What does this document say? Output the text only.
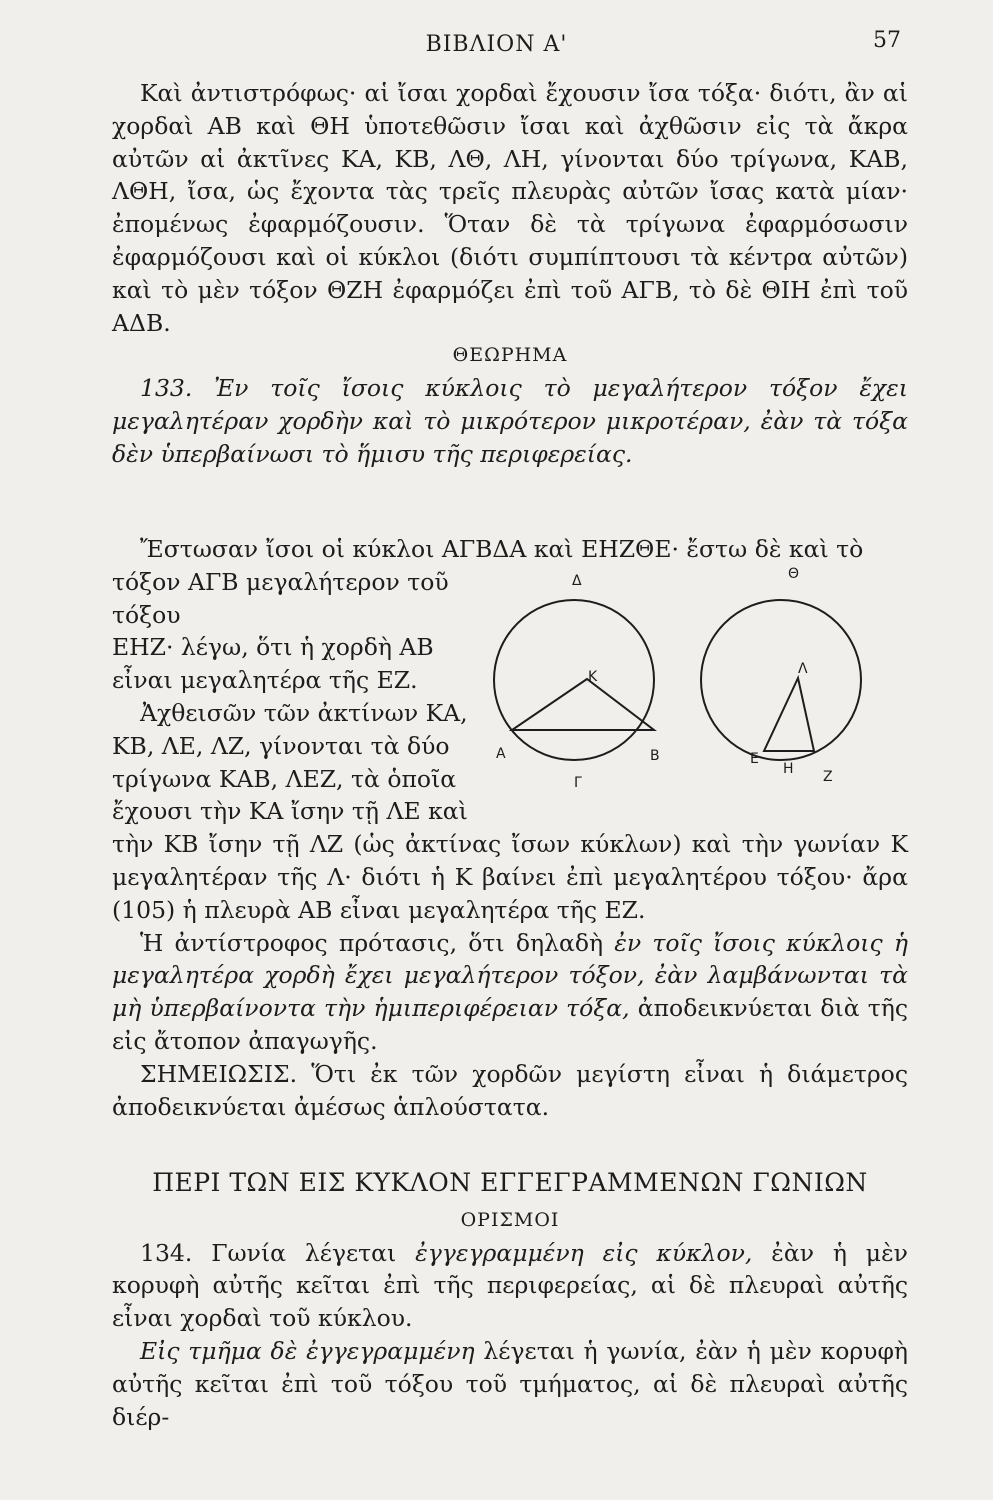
ΒΙΒΛΙΟΝ Α'	57

Καὶ ἀντιστρόφως· αἱ ἴσαι χορδαὶ ἔχουσιν ἴσα τόξα· διότι, ἂν αἱ χορδαὶ ΑΒ καὶ ΘΗ ὑποτεθῶσιν ἴσαι καὶ ἀχθῶσιν εἰς τὰ ἄκρα αὐτῶν αἱ ἀκτῖνες ΚΑ, ΚΒ, ΛΘ, ΛΗ, γίνονται δύο τρίγωνα, ΚΑΒ, ΛΘΗ, ἴσα, ὡς ἔχοντα τὰς τρεῖς πλευρὰς αὐτῶν ἴσας κατὰ μίαν· ἐπομένως ἐφαρμόζουσιν. Ὅταν δὲ τὰ τρίγωνα ἐφαρμόσωσιν ἐφαρμόζουσι καὶ οἱ κύκλοι (διότι συμπίπτουσι τὰ κέντρα αὐτῶν) καὶ τὸ μὲν τόξον ΘΖΗ ἐφαρμόζει ἐπὶ τοῦ ΑΓΒ, τὸ δὲ ΘΙΗ ἐπὶ τοῦ ΑΔΒ.

ΘΕΩΡΗΜΑ

133. Ἐν τοῖς ἴσοις κύκλοις τὸ μεγαλήτερον τόξον ἔχει μεγαλητέραν χορδὴν καὶ τὸ μικρότερον μικροτέραν, ἐὰν τὰ τόξα δὲν ὑπερβαίνωσι τὸ ἥμισυ τῆς περιφερείας.

Ἔστωσαν ἴσοι οἱ κύκλοι ΑΓΒΔΑ καὶ ΕΗΖΘΕ· ἔστω δὲ καὶ τὸ

τόξον ΑΓΒ μεγαλήτερον τοῦ τόξου

ΕΗΖ· λέγω, ὅτι ἡ χορδὴ ΑΒ

εἶναι μεγαλητέρα τῆς ΕΖ.

Ἀχθεισῶν τῶν ἀκτίνων ΚΑ,

ΚΒ, ΛΕ, ΛΖ, γίνονται τὰ δύο

τρίγωνα ΚΑΒ, ΛΕΖ, τὰ ὁποῖα

ἔχουσι τὴν ΚΑ ἴσην τῇ ΛΕ καὶ

τὴν ΚΒ ἴσην τῇ ΛΖ (ὡς ἀκτίνας ἴσων κύκλων) καὶ τὴν γωνίαν Κ μεγαλητέραν τῆς Λ· διότι ἡ Κ βαίνει ἐπὶ μεγαλητέρου τόξου· ἄρα (105) ἡ πλευρὰ ΑΒ εἶναι μεγαλητέρα τῆς ΕΖ.

Ἡ ἀντίστροφος πρότασις, ὅτι δηλαδὴ ἐν τοῖς ἴσοις κύκλοις ἡ μεγαλητέρα χορδὴ ἔχει μεγαλήτερον τόξον, ἐὰν λαμβάνωνται τὰ μὴ ὑπερβαίνοντα τὴν ἡμιπεριφέρειαν τόξα, ἀποδεικνύεται διὰ τῆς εἰς ἄτοπον ἀπαγωγῆς.

ΣΗΜΕΙΩΣΙΣ. Ὅτι ἐκ τῶν χορδῶν μεγίστη εἶναι ἡ διάμετρος ἀποδεικνύεται ἀμέσως ἁπλούστατα.

Δ
Κ
Α	Β
Γ
Θ
Λ
Ε
Η Ζ

ΠΕΡΙ ΤΩΝ ΕΙΣ ΚΥΚΛΟΝ ΕΓΓΕΓΡΑΜΜΕΝΩΝ ΓΩΝΙΩΝ

ΟΡΙΣΜΟΙ

134. Γωνία λέγεται ἐγγεγραμμένη εἰς κύκλον, ἐὰν ἡ μὲν κορυφὴ αὐτῆς κεῖται ἐπὶ τῆς περιφερείας, αἱ δὲ πλευραὶ αὐτῆς εἶναι χορδαὶ τοῦ κύκλου.

Εἰς τμῆμα δὲ ἐγγεγραμμένη λέγεται ἡ γωνία, ἐὰν ἡ μὲν κορυφὴ αὐτῆς κεῖται ἐπὶ τοῦ τόξου τοῦ τμήματος, αἱ δὲ πλευραὶ αὐτῆς διέρ-
